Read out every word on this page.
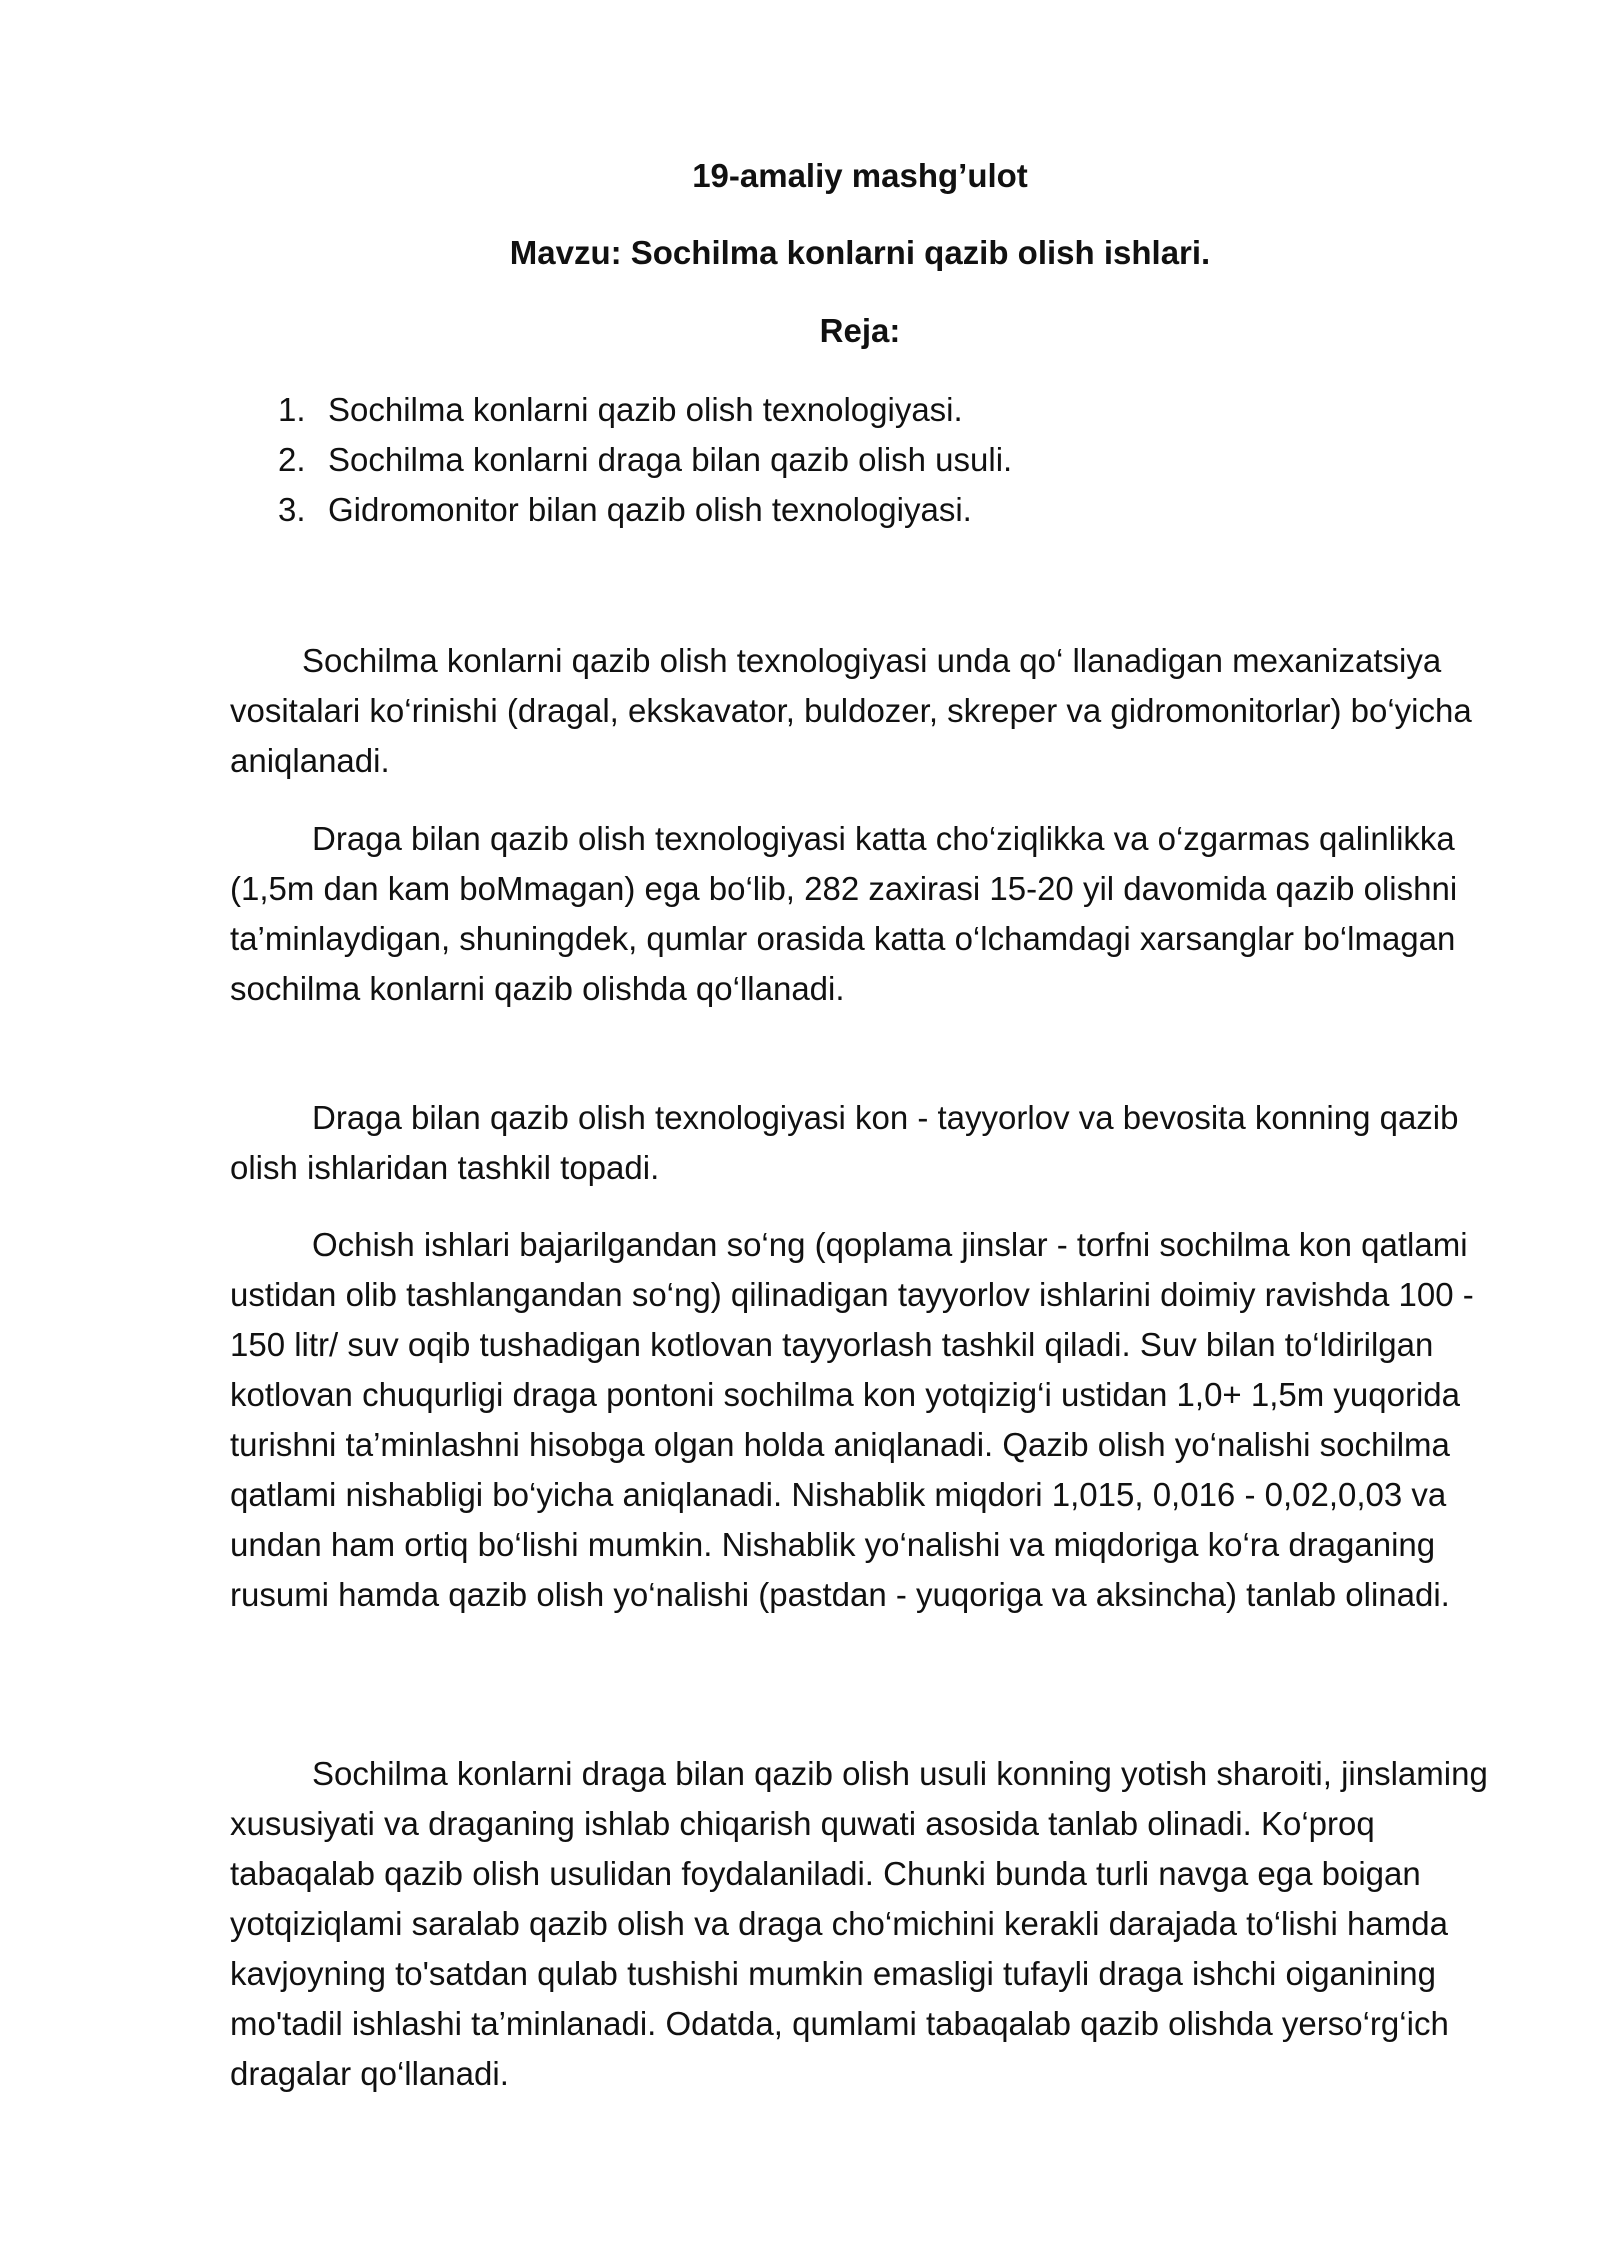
19-amaliy mashg’ulot
Mavzu: Sochilma konlarni qazib olish ishlari.
Reja:
1. Sochilma konlarni qazib olish texnologiyasi.
2. Sochilma konlarni draga bilan qazib olish usuli.
3. Gidromonitor bilan qazib olish texnologiyasi.

Sochilma konlarni qazib olish texnologiyasi unda qo‘ llanadigan mexanizatsiya vositalari ko‘rinishi (dragal, ekskavator, buldozer, skreper va gidromonitorlar) bo‘yicha aniqlanadi.

Draga bilan qazib olish texnologiyasi katta cho‘ziqlikka va o‘zgarmas qalinlikka (1,5m dan kam boMmagan) ega bo‘lib, 282 zaxirasi 15-20 yil davomida qazib olishni ta’minlaydigan, shuningdek, qumlar orasida katta o‘lchamdagi xarsanglar bo‘lmagan sochilma konlarni qazib olishda qo‘llanadi.

Draga bilan qazib olish texnologiyasi kon - tayyorlov va bevosita konning qazib olish ishlaridan tashkil topadi.

Ochish ishlari bajarilgandan so‘ng (qoplama jinslar - torfni sochilma kon qatlami ustidan olib tashlangandan so‘ng) qilinadigan tayyorlov ishlarini doimiy ravishda 100 - 150 litr/ suv oqib tushadigan kotlovan tayyorlash tashkil qiladi. Suv bilan to‘ldirilgan kotlovan chuqurligi draga pontoni sochilma kon yotqizig‘i ustidan 1,0+ 1,5m yuqorida turishni ta’minlashni hisobga olgan holda aniqlanadi. Qazib olish yo‘nalishi sochilma qatlami nishabligi bo‘yicha aniqlanadi. Nishablik miqdori 1,015, 0,016 - 0,02,0,03 va undan ham ortiq bo‘lishi mumkin. Nishablik yo‘nalishi va miqdoriga ko‘ra draganing rusumi hamda qazib olish yo‘nalishi (pastdan - yuqoriga va aksincha) tanlab olinadi.

Sochilma konlarni draga bilan qazib olish usuli konning yotish sharoiti, jinslaming xususiyati va draganing ishlab chiqarish quwati asosida tanlab olinadi. Ko‘proq tabaqalab qazib olish usulidan foydalaniladi. Chunki bunda turli navga ega boigan yotqiziqlami saralab qazib olish va draga cho‘michini kerakli darajada to‘lishi hamda kavjoyning to'satdan qulab tushishi mumkin emasligi tufayli draga ishchi oiganining mo'tadil ishlashi ta’minlanadi. Odatda, qumlami tabaqalab qazib olishda yerso‘rg‘ich dragalar qo‘llanadi.
